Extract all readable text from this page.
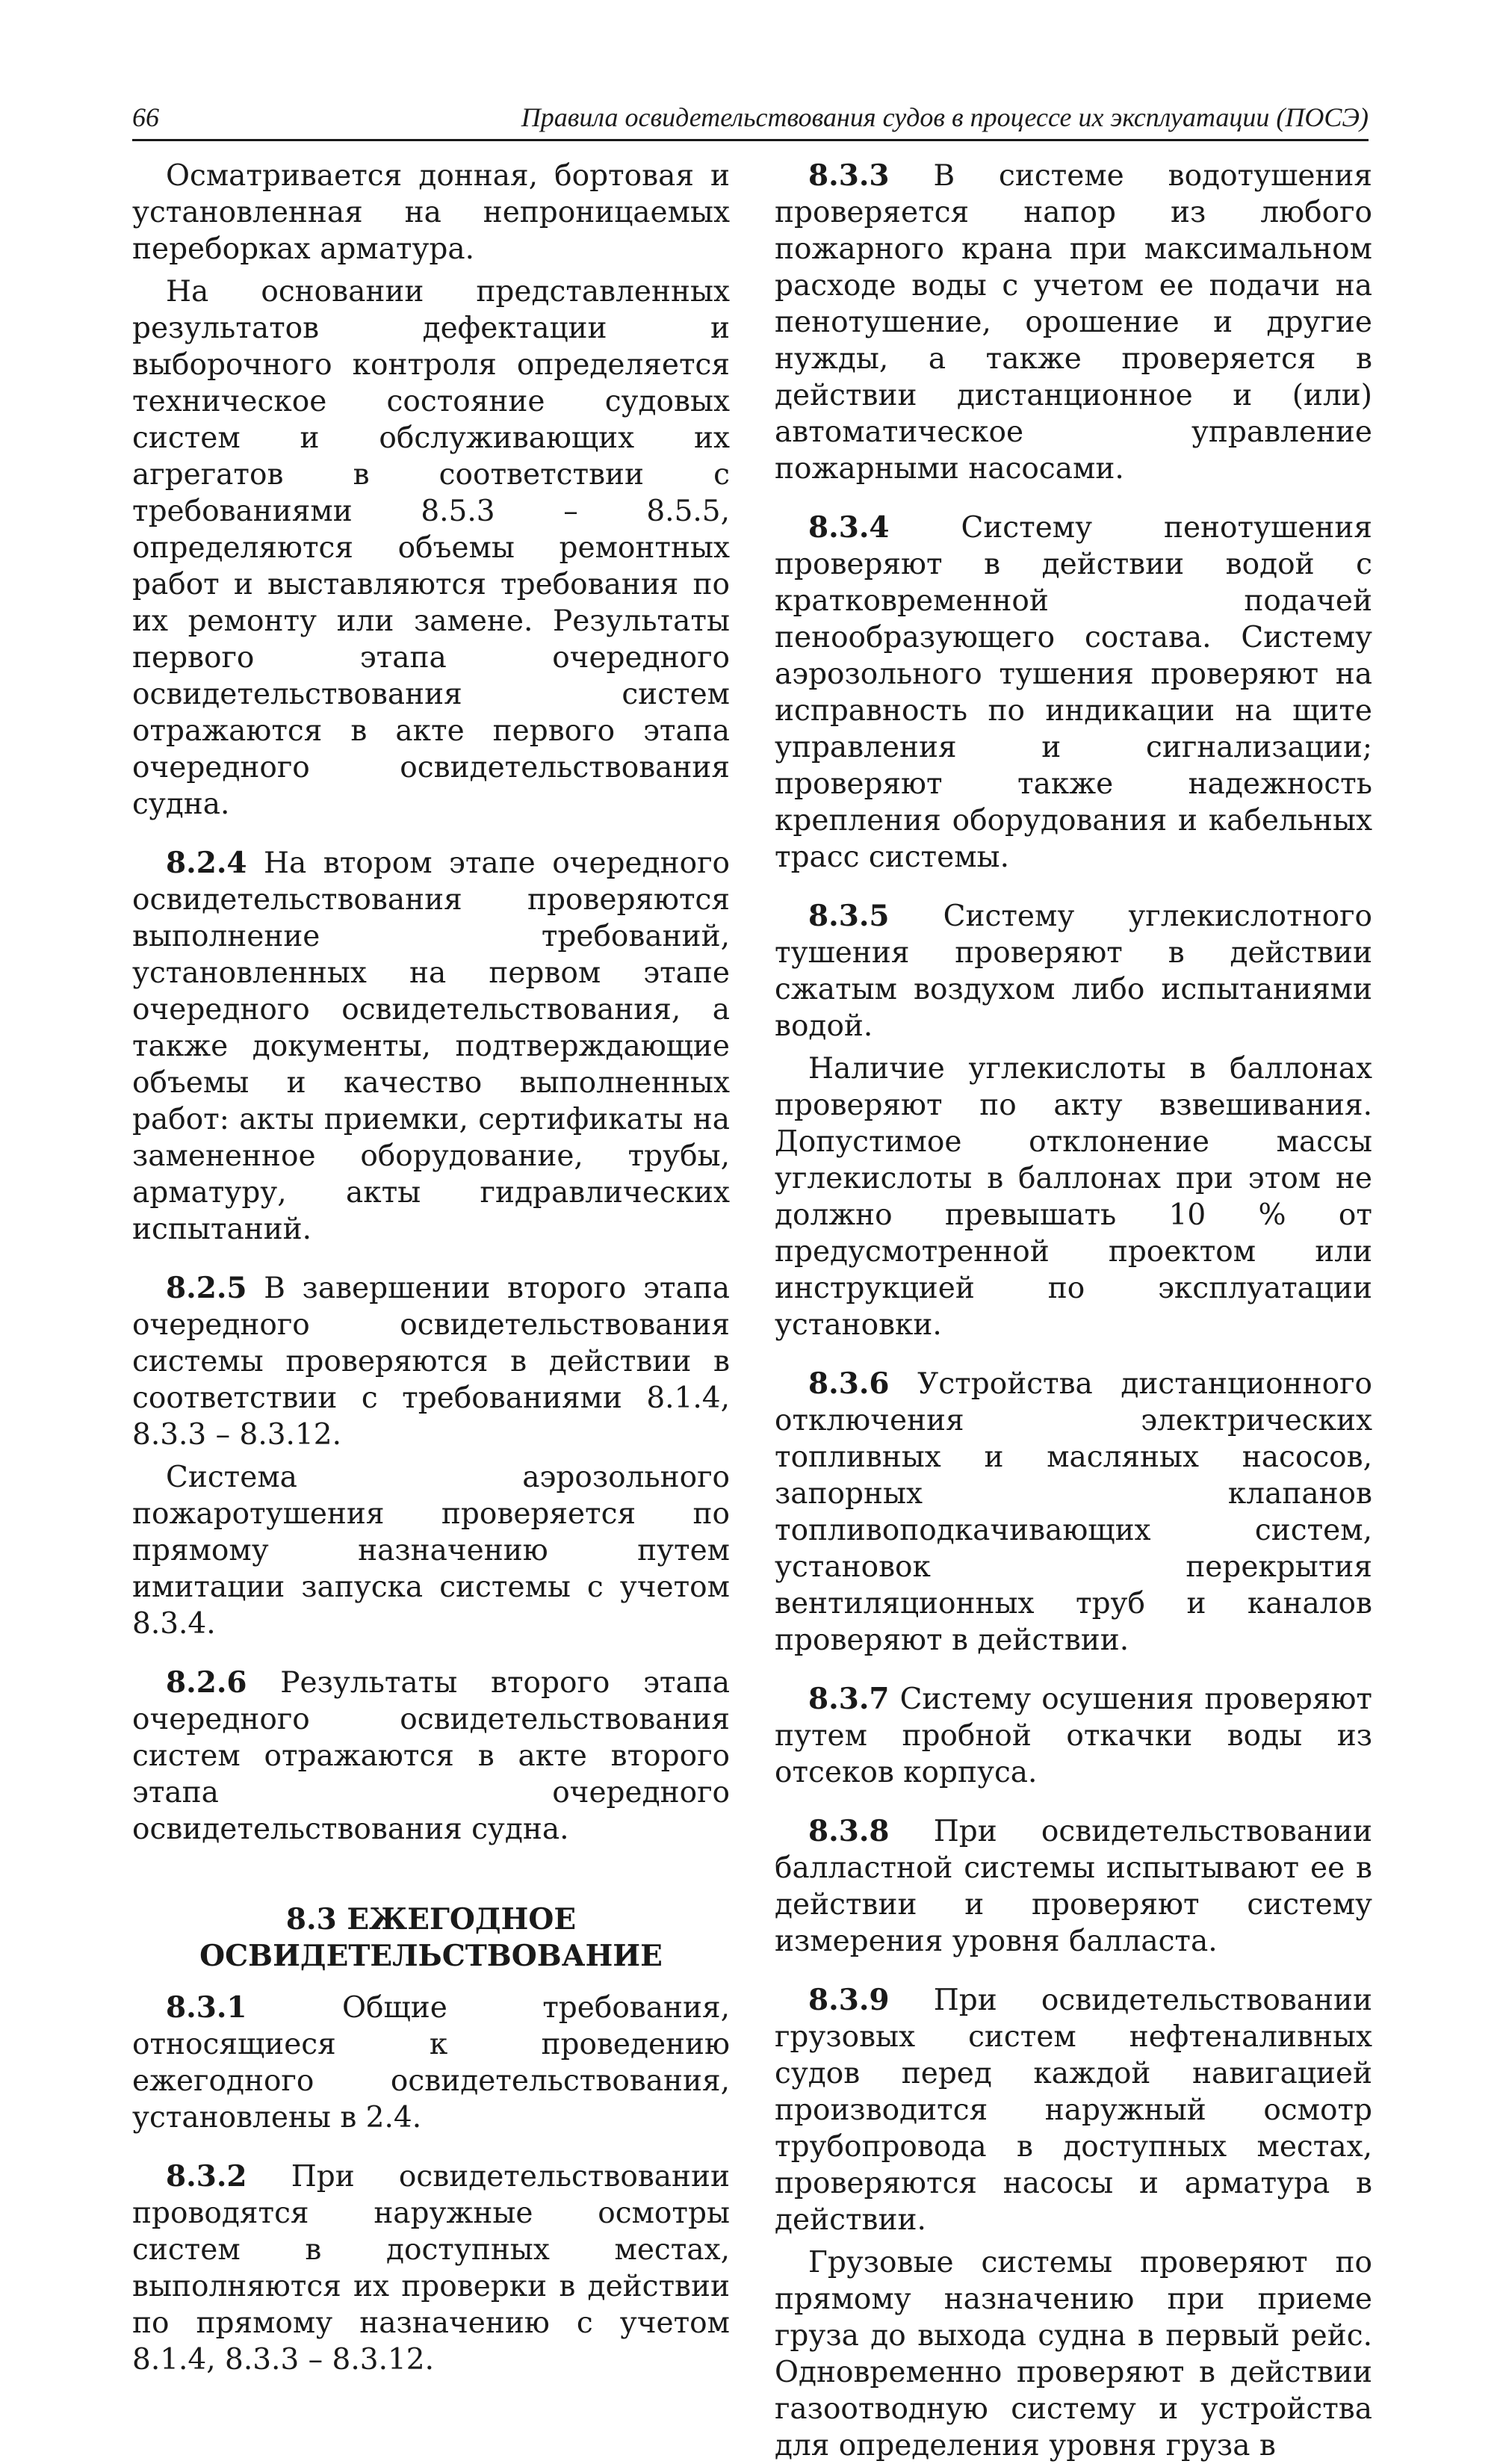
66	Правила освидетельствования судов в процессе их эксплуатации (ПОСЭ)

Осматривается донная, бортовая и установленная на непроницаемых переборках арматура.

На основании представленных результатов дефектации и выборочного контроля определяется техническое состояние судовых систем и обслуживающих их агрегатов в соответствии с требованиями 8.5.3 – 8.5.5, определяются объемы ремонтных работ и выставляются требования по их ремонту или замене. Результаты первого этапа очередного освидетельствования систем отражаются в акте первого этапа очередного освидетельствования судна.

8.2.4 На втором этапе очередного освидетельствования проверяются выполнение требований, установленных на первом этапе очередного освидетельствования, а также документы, подтверждающие объемы и качество выполненных работ: акты приемки, сертификаты на замененное оборудование, трубы, арматуру, акты гидравлических испытаний.

8.2.5 В завершении второго этапа очередного освидетельствования системы проверяются в действии в соответствии с требованиями 8.1.4, 8.3.3 – 8.3.12.

Система аэрозольного пожаротушения проверяется по прямому назначению путем имитации запуска системы с учетом 8.3.4.

8.2.6 Результаты второго этапа очередного освидетельствования систем отражаются в акте второго этапа очередного освидетельствования судна.

8.3 ЕЖЕГОДНОЕ
ОСВИДЕТЕЛЬСТВОВАНИЕ

8.3.1 Общие требования, относящиеся к проведению ежегодного освидетельствования, установлены в 2.4.

8.3.2 При освидетельствовании проводятся наружные осмотры систем в доступных местах, выполняются их проверки в действии по прямому назначению с учетом 8.1.4, 8.3.3 – 8.3.12.

8.3.3 В системе водотушения проверяется напор из любого пожарного крана при максимальном расходе воды с учетом ее подачи на пенотушение, орошение и другие нужды, а также проверяется в действии дистанционное и (или) автоматическое управление пожарными насосами.

8.3.4 Систему пенотушения проверяют в действии водой с кратковременной подачей пенообразующего состава. Систему аэрозольного тушения проверяют на исправность по индикации на щите управления и сигнализации; проверяют также надежность крепления оборудования и кабельных трасс системы.

8.3.5 Систему углекислотного тушения проверяют в действии сжатым воздухом либо испытаниями водой.

Наличие углекислоты в баллонах проверяют по акту взвешивания. Допустимое отклонение массы углекислоты в баллонах при этом не должно превышать 10 % от предусмотренной проектом или инструкцией по эксплуатации установки.

8.3.6 Устройства дистанционного отключения электрических топливных и масляных насосов, запорных клапанов топливоподкачивающих систем, установок перекрытия вентиляционных труб и каналов проверяют в действии.

8.3.7 Систему осушения проверяют путем пробной откачки воды из отсеков корпуса.

8.3.8 При освидетельствовании балластной системы испытывают ее в действии и проверяют систему измерения уровня балласта.

8.3.9 При освидетельствовании грузовых систем нефтеналивных судов перед каждой навигацией производится наружный осмотр трубопровода в доступных местах, проверяются насосы и арматура в действии.

Грузовые системы проверяют по прямому назначению при приеме груза до выхода судна в первый рейс. Одновременно проверяют в действии газоотводную систему и устройства для определения уровня груза в
